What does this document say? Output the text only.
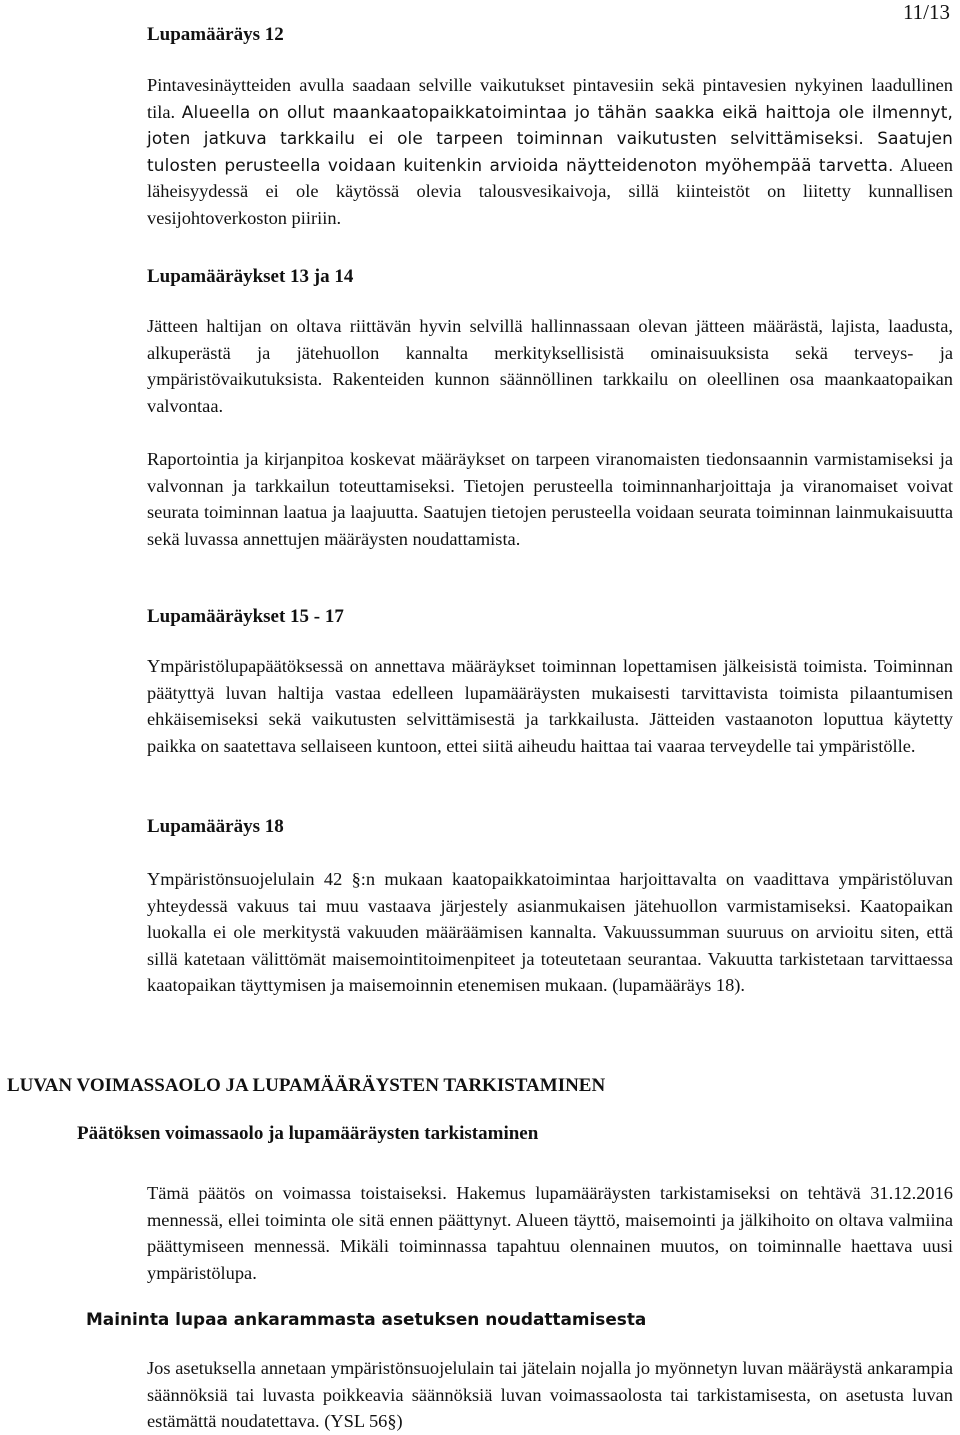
11/13
Lupamääräys 12
Pintavesinäytteiden avulla saadaan selville vaikutukset pintavesiin sekä pintavesien nykyinen laadullinen tila. Alueella on ollut maankaatopaikkatoimintaa jo tähän saakka eikä haittoja ole ilmennyt, joten jatkuva tarkkailu ei ole tarpeen toiminnan vaikutusten selvittämiseksi. Saatujen tulosten perusteella voidaan kuitenkin arvioida näytteidenoton myöhempää tarvetta. Alueen läheisyydessä ei ole käytössä olevia talousvesikaivoja, sillä kiinteistöt on liitetty kunnallisen vesijohtoverkoston piiriin.
Lupamääräykset 13 ja 14
Jätteen haltijan on oltava riittävän hyvin selvillä hallinnassaan olevan jätteen määrästä, lajista, laadusta, alkuperästä ja jätehuollon kannalta merkityksellisistä ominaisuuksista sekä terveys- ja ympäristövaikutuksista. Rakenteiden kunnon säännöllinen tarkkailu on oleellinen osa maankaatopaikan valvontaa.
Raportointia ja kirjanpitoa koskevat määräykset on tarpeen viranomaisten tiedonsaannin varmistamiseksi ja valvonnan ja tarkkailun toteuttamiseksi. Tietojen perusteella toiminnanharjoittaja ja viranomaiset voivat seurata toiminnan laatua ja laajuutta. Saatujen tietojen perusteella voidaan seurata toiminnan lainmukaisuutta sekä luvassa annettujen määräysten noudattamista.
Lupamääräykset 15 - 17
Ympäristölupapäätöksessä on annettava määräykset toiminnan lopettamisen jälkeisistä toimista. Toiminnan päätyttyä luvan haltija vastaa edelleen lupamääräysten mukaisesti tarvittavista toimista pilaantumisen ehkäisemiseksi sekä vaikutusten selvittämisestä ja tarkkailusta. Jätteiden vastaanoton loputtua käytetty paikka on saatettava sellaiseen kuntoon, ettei siitä aiheudu haittaa tai vaaraa terveydelle tai ympäristölle.
Lupamääräys 18
Ympäristönsuojelulain 42 §:n mukaan kaatopaikkatoimintaa harjoittavalta on vaadittava ympäristöluvan yhteydessä vakuus tai muu vastaava järjestely asianmukaisen jätehuollon varmistamiseksi. Kaatopaikan luokalla ei ole merkitystä vakuuden määräämisen kannalta. Vakuussumman suuruus on arvioitu siten, että sillä katetaan välittömät maisemointitoimenpiteet ja toteutetaan seurantaa. Vakuutta tarkistetaan tarvittaessa kaatopaikan täyttymisen ja maisemoinnin etenemisen mukaan. (lupamääräys 18).
LUVAN VOIMASSAOLO JA LUPAMÄÄRÄYSTEN TARKISTAMINEN
Päätöksen voimassaolo ja lupamääräysten tarkistaminen
Tämä päätös on voimassa toistaiseksi. Hakemus lupamääräysten tarkistamiseksi on tehtävä 31.12.2016 mennessä, ellei toiminta ole sitä ennen päättynyt. Alueen täyttö, maisemointi ja jälkihoito on oltava valmiina päättymiseen mennessä. Mikäli toiminnassa tapahtuu olennainen muutos, on toiminnalle haettava uusi ympäristölupa.
Maininta lupaa ankarammasta asetuksen noudattamisesta
Jos asetuksella annetaan ympäristönsuojelulain tai jätelain nojalla jo myönnetyn luvan määräystä ankarampia säännöksiä tai luvasta poikkeavia säännöksiä luvan voimassaolosta tai tarkistamisesta, on asetusta luvan estämättä noudatettava. (YSL 56§)
